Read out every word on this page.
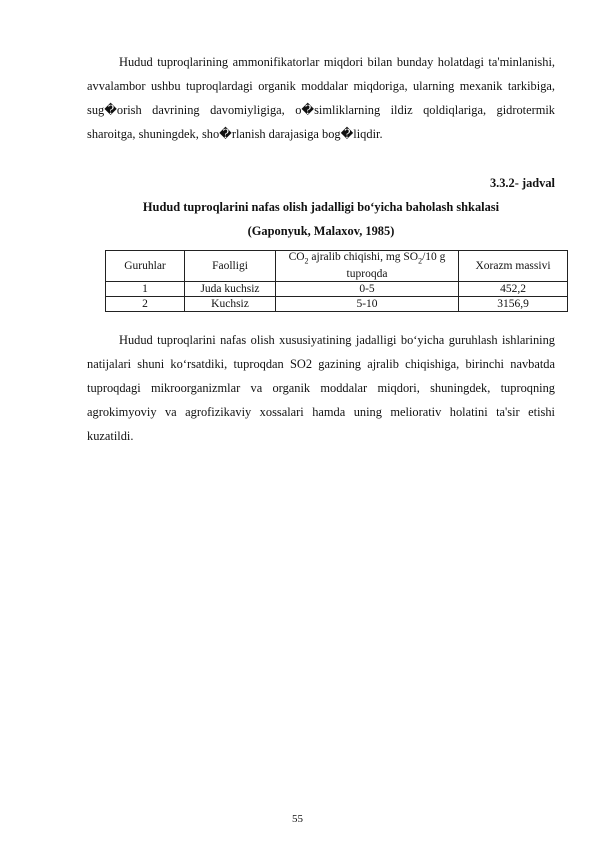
Hudud tuproqlarining ammonifikatorlar miqdori bilan bunday holatdagi ta'minlanishi, avvalambor ushbu tuproqlardagi organik moddalar miqdoriga, ularning mexanik tarkibiga, sug�orish davrining davomiyligiga, o�simliklarning ildiz qoldiqlariga, gidrotermik sharoitga, shuningdek, sho�rlanish darajasiga bog�liqdir.

3.3.2- jadval
Hudud tuproqlarini nafas olish jadalligi boʻyicha baholash shkalasi
(Gaponyuk, Malaxov, 1985)
Guruhlar	Faolligi	$CO_2$ ajralib chiqishi, mg $SO_2/10$ g tuproqda	Xorazm massivi
1	Juda kuchsiz	0-5	452,2
2	Kuchsiz	5-10	3156,9

Hudud tuproqlarini nafas olish xususiyatining jadalligi boʻyicha guruhlash ishlarining natijalari shuni koʻrsatdiki, tuproqdan SO2 gazining ajralib chiqishiga, birinchi navbatda tuproqdagi mikroorganizmlar va organik moddalar miqdori, shuningdek, tuproqning agrokimyoviy va agrofizikaviy xossalari hamda uning meliorativ holatini ta'sir etishi kuzatildi.

55
